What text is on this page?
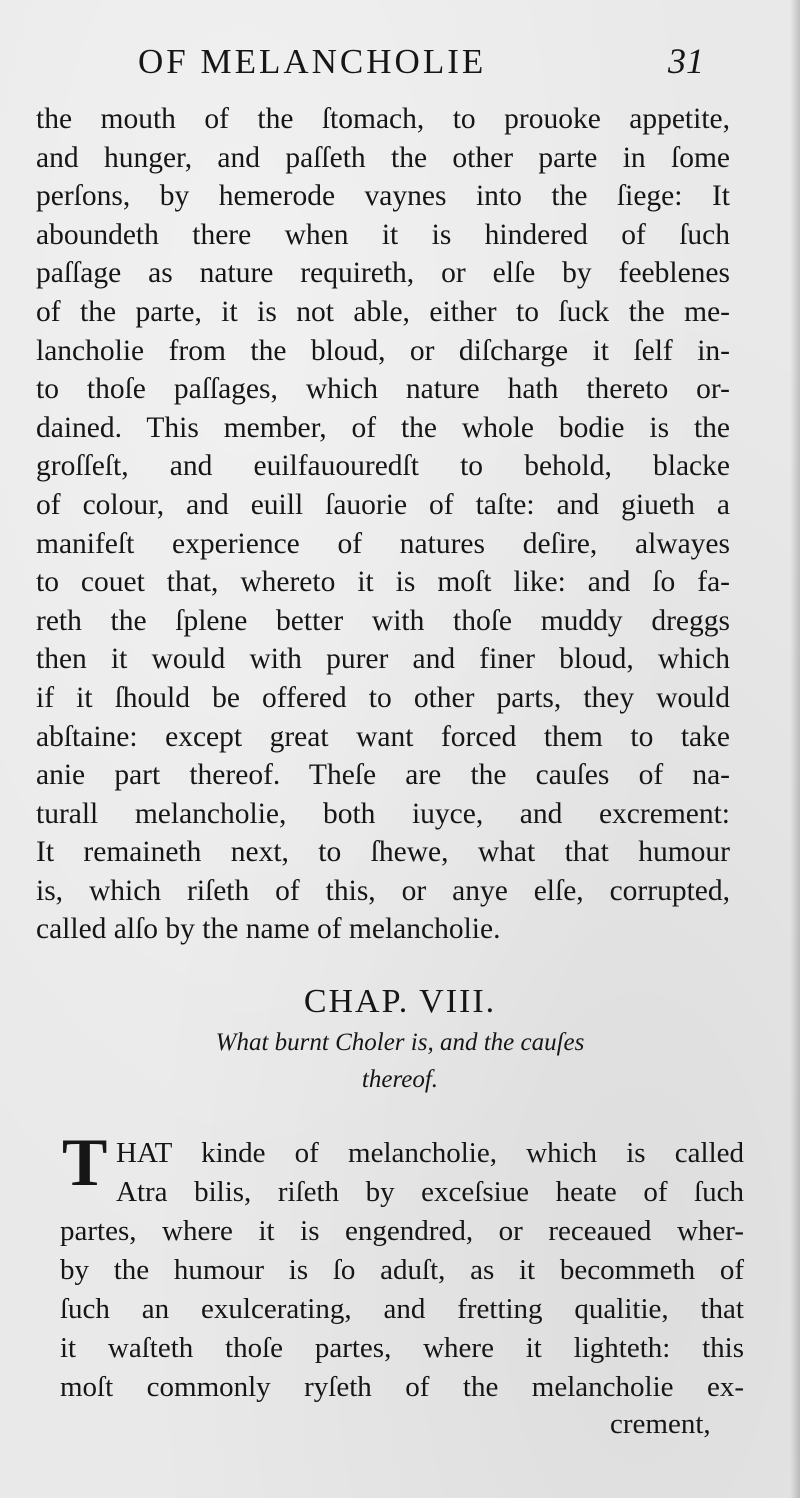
OF MELANCHOLIE	31
the mouth of the ſtomach, to prouoke appetite,
and hunger, and paſſeth the other parte in ſome
perſons, by hemerode vaynes into the ſiege: It
aboundeth there when it is hindered of ſuch
paſſage as nature requireth, or elſe by feeblenes
of the parte, it is not able, either to ſuck the me-
lancholie from the bloud, or diſcharge it ſelf in-
to thoſe paſſages, which nature hath thereto or-
dained. This member, of the whole bodie is the
groſſeſt, and euilfauouredſt to behold, blacke
of colour, and euill ſauorie of taſte: and giueth a
manifeſt experience of natures deſire, alwayes
to couet that, whereto it is moſt like: and ſo fa-
reth the ſplene better with thoſe muddy dreggs
then it would with purer and finer bloud, which
if it ſhould be offered to other parts, they would
abſtaine: except great want forced them to take
anie part thereof. Theſe are the cauſes of na-
turall melancholie, both iuyce, and excrement:
It remaineth next, to ſhewe, what that humour
is, which riſeth of this, or anye elſe, corrupted,
called alſo by the name of melancholie.
CHAP. VIII.
What burnt Choler is, and the cauſes
thereof.
T HAT kinde of melancholie, which is called
Atra bilis, riſeth by exceſsiue heate of ſuch
partes, where it is engendred, or receaued wher-
by the humour is ſo aduſt, as it becommeth of
ſuch an exulcerating, and fretting qualitie, that
it waſteth thoſe partes, where it lighteth: this
moſt commonly ryſeth of the melancholie ex-
crement,
